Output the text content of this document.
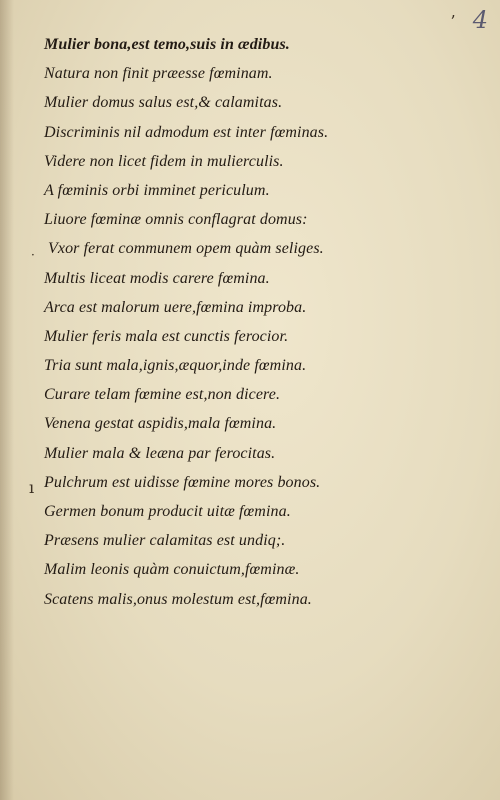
4
ʼ
·
ı
Mulier bona,est temo,suis in ædibus.
Natura non finit præesse fœminam.
Mulier domus salus est,& calamitas.
Discriminis nil admodum est inter fœminas.
Videre non licet fidem in mulierculis.
A fœminis orbi imminet periculum.
Liuore fœminæ omnis conflagrat domus:
Vxor ferat communem opem quàm seliges.
Multis liceat modis carere fœmina.
Arca est malorum uere,fœmina improba.
Mulier feris mala est cunctis ferocior.
Tria sunt mala,ignis,æquor,inde fœmina.
Curare telam fœmine est,non dicere.
Venena gestat aspidis,mala fœmina.
Mulier mala & leæna par ferocitas.
Pulchrum est uidisse fœmine mores bonos.
Germen bonum producit uitæ fœmina.
Præsens mulier calamitas est undiq;.
Malim leonis quàm conuictum,fœminæ.
Scatens malis,onus molestum est,fœmina.
